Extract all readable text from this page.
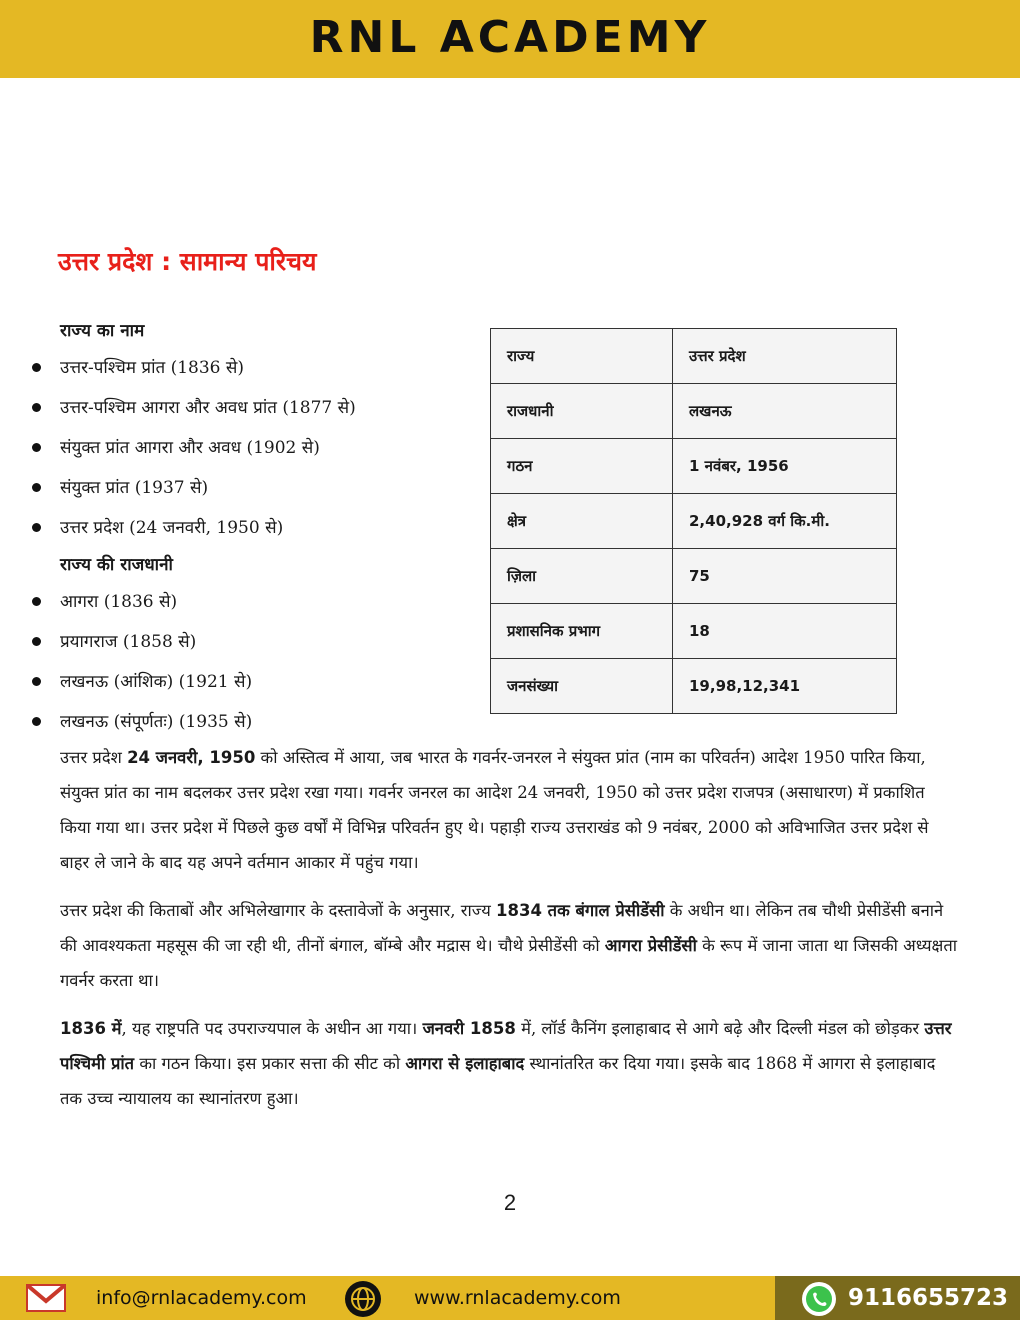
RNL ACADEMY
उत्तर प्रदेश : सामान्य परिचय
राज्य का नाम
उत्तर-पश्चिम प्रांत (1836 से)
उत्तर-पश्चिम आगरा और अवध प्रांत (1877 से)
संयुक्त प्रांत आगरा और अवध (1902 से)
संयुक्त प्रांत (1937 से)
उत्तर प्रदेश (24 जनवरी, 1950 से)
राज्य की राजधानी
आगरा (1836 से)
प्रयागराज (1858 से)
लखनऊ (आंशिक) (1921 से)
लखनऊ (संपूर्णतः) (1935 से)
राज्य	उत्तर प्रदेश
राजधानी	लखनऊ
गठन	1 नवंबर, 1956
क्षेत्र	2,40,928 वर्ग कि.मी.
ज़िला	75
प्रशासनिक प्रभाग	18
जनसंख्या	19,98,12,341

उत्तर प्रदेश 24 जनवरी, 1950 को अस्तित्व में आया, जब भारत के गवर्नर-जनरल ने संयुक्त प्रांत (नाम का परिवर्तन) आदेश 1950 पारित किया, संयुक्त प्रांत का नाम बदलकर उत्तर प्रदेश रखा गया। गवर्नर जनरल का आदेश 24 जनवरी, 1950 को उत्तर प्रदेश राजपत्र (असाधारण) में प्रकाशित किया गया था। उत्तर प्रदेश में पिछले कुछ वर्षों में विभिन्न परिवर्तन हुए थे। पहाड़ी राज्य उत्तराखंड को 9 नवंबर, 2000 को अविभाजित उत्तर प्रदेश से बाहर ले जाने के बाद यह अपने वर्तमान आकार में पहुंच गया।

उत्तर प्रदेश की किताबों और अभिलेखागार के दस्तावेजों के अनुसार, राज्य 1834 तक बंगाल प्रेसीडेंसी के अधीन था। लेकिन तब चौथी प्रेसीडेंसी बनाने की आवश्यकता महसूस की जा रही थी, तीनों बंगाल, बॉम्बे और मद्रास थे। चौथे प्रेसीडेंसी को आगरा प्रेसीडेंसी के रूप में जाना जाता था जिसकी अध्यक्षता गवर्नर करता था।

1836 में, यह राष्ट्रपति पद उपराज्यपाल के अधीन आ गया। जनवरी 1858 में, लॉर्ड कैनिंग इलाहाबाद से आगे बढ़े और दिल्ली मंडल को छोड़कर उत्तर पश्चिमी प्रांत का गठन किया। इस प्रकार सत्ता की सीट को आगरा से इलाहाबाद स्थानांतरित कर दिया गया। इसके बाद 1868 में आगरा से इलाहाबाद तक उच्च न्यायालय का स्थानांतरण हुआ।

2
info@rnlacademy.com	www.rnlacademy.com	9116655723
